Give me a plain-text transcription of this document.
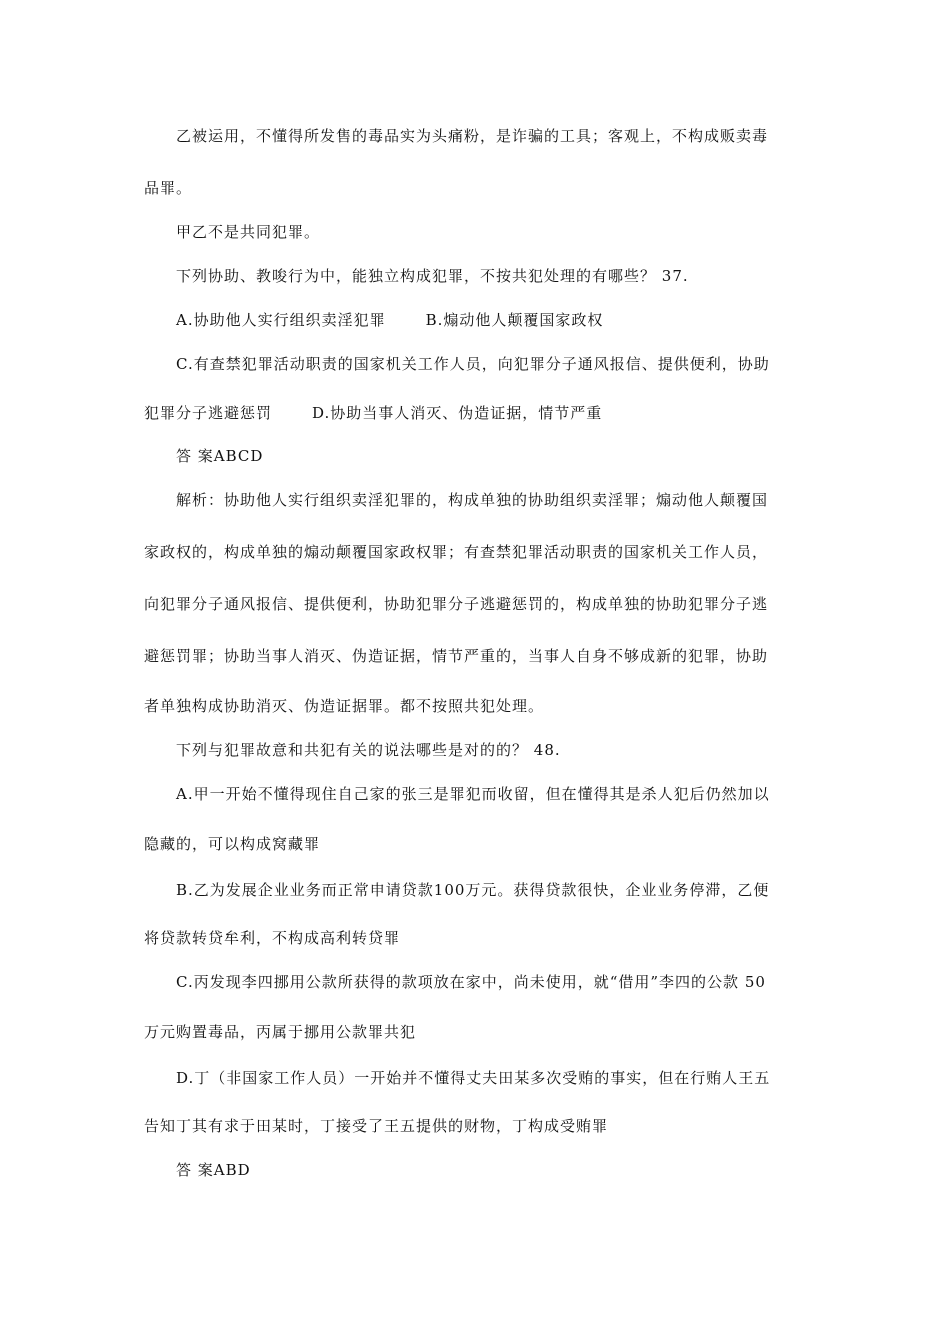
乙被运用，不懂得所发售的毒品实为头痛粉，是诈骗的工具；客观上，不构成贩卖毒
品罪。
甲乙不是共同犯罪。
下列协助、教唆行为中，能独立构成犯罪，不按共犯处理的有哪些？ 37.
A.协助他人实行组织卖淫犯罪	B.煽动他人颠覆国家政权
C.有查禁犯罪活动职责的国家机关工作人员，向犯罪分子通风报信、提供便利，协助
犯罪分子逃避惩罚	D.协助当事人消灭、伪造证据，情节严重
答 案ABCD
解析：协助他人实行组织卖淫犯罪的，构成单独的协助组织卖淫罪；煽动他人颠覆国
家政权的，构成单独的煽动颠覆国家政权罪；有查禁犯罪活动职责的国家机关工作人员，
向犯罪分子通风报信、提供便利，协助犯罪分子逃避惩罚的，构成单独的协助犯罪分子逃
避惩罚罪；协助当事人消灭、伪造证据，情节严重的，当事人自身不够成新的犯罪，协助
者单独构成协助消灭、伪造证据罪。都不按照共犯处理。
下列与犯罪故意和共犯有关的说法哪些是对的的？ 48.
A.甲一开始不懂得现住自己家的张三是罪犯而收留，但在懂得其是杀人犯后仍然加以
隐藏的，可以构成窝藏罪
B.乙为发展企业业务而正常申请贷款100万元。获得贷款很快，企业业务停滞，乙便
将贷款转贷牟利，不构成高利转贷罪
C.丙发现李四挪用公款所获得的款项放在家中，尚未使用，就“借用”李四的公款 50
万元购置毒品，丙属于挪用公款罪共犯
D.丁（非国家工作人员）一开始并不懂得丈夫田某多次受贿的事实，但在行贿人王五
告知丁其有求于田某时，丁接受了王五提供的财物，丁构成受贿罪
答 案ABD
